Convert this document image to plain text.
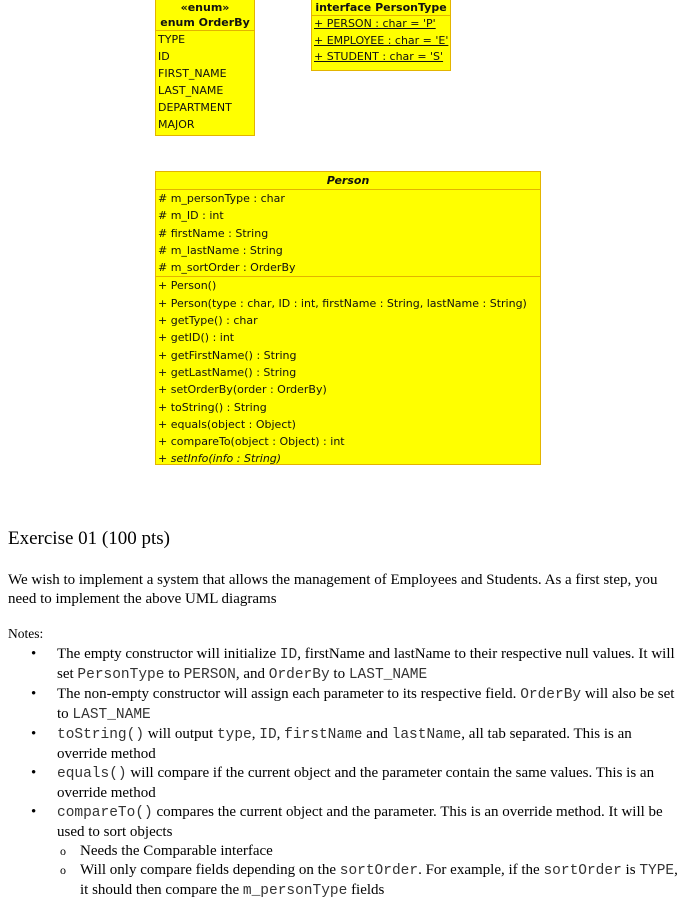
«enum»
enum OrderBy
TYPE
ID
FIRST_NAME
LAST_NAME
DEPARTMENT
MAJOR
interface PersonType
+ PERSON : char = 'P'
+ EMPLOYEE : char = 'E'
+ STUDENT : char = 'S'
Person
# m_personType : char
# m_ID : int
# firstName : String
# m_lastName : String
# m_sortOrder : OrderBy
+ Person()
+ Person(type : char, ID : int, firstName : String, lastName : String)
+ getType() : char
+ getID() : int
+ getFirstName() : String
+ getLastName() : String
+ setOrderBy(order : OrderBy)
+ toString() : String
+ equals(object : Object)
+ compareTo(object : Object) : int
+ setInfo(info : String)
Exercise 01 (100 pts)
We wish to implement a system that allows the management of Employees and Students. As a first step, you need to implement the above UML diagrams
Notes:
• The empty constructor will initialize ID, firstName and lastName to their respective null values. It will set PersonType to PERSON, and OrderBy to LAST_NAME
• The non-empty constructor will assign each parameter to its respective field. OrderBy will also be set to LAST_NAME
• toString() will output type, ID, firstName and lastName, all tab separated. This is an override method
• equals() will compare if the current object and the parameter contain the same values. This is an override method
• compareTo() compares the current object and the parameter. This is an override method. It will be used to sort objects
o Needs the Comparable interface
o Will only compare fields depending on the sortOrder. For example, if the sortOrder is TYPE, it should then compare the m_personType fields
